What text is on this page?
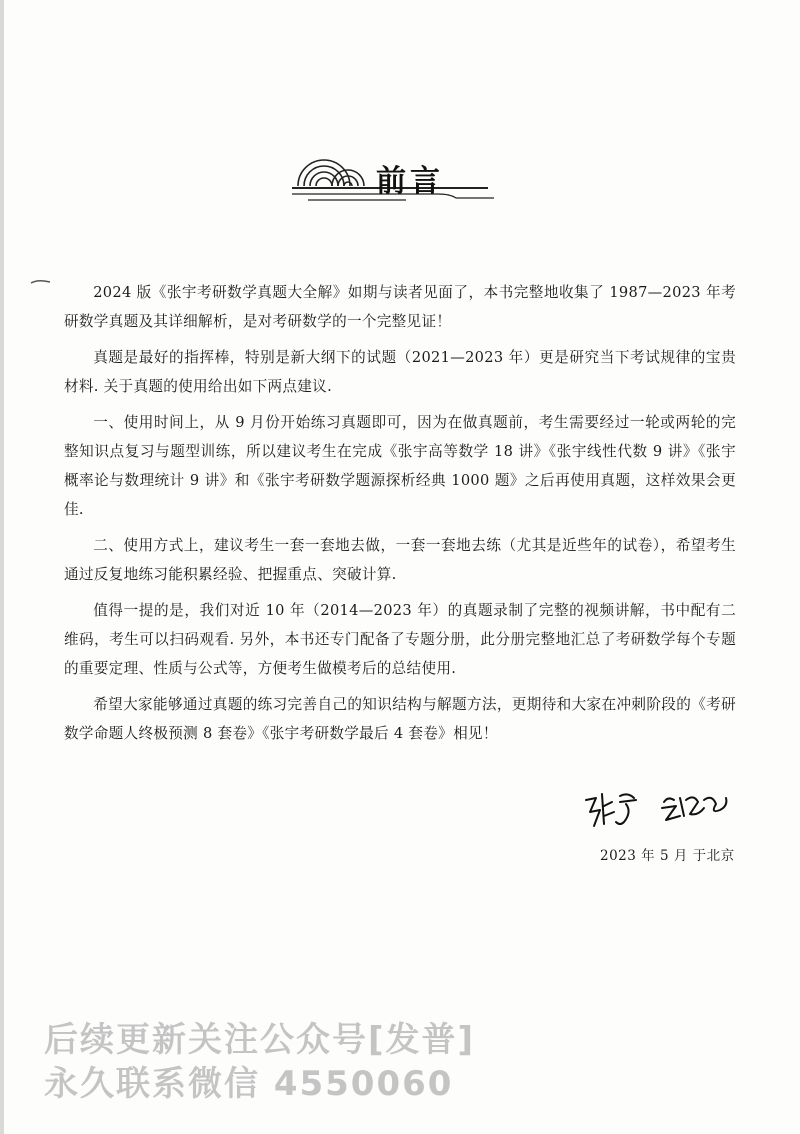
前言

2024 版《张宇考研数学真题大全解》如期与读者见面了，本书完整地收集了 1987—2023 年考研数学真题及其详细解析，是对考研数学的一个完整见证！

真题是最好的指挥棒，特别是新大纲下的试题（2021—2023 年）更是研究当下考试规律的宝贵材料. 关于真题的使用给出如下两点建议.

一、使用时间上，从 9 月份开始练习真题即可，因为在做真题前，考生需要经过一轮或两轮的完整知识点复习与题型训练，所以建议考生在完成《张宇高等数学 18 讲》《张宇线性代数 9 讲》《张宇概率论与数理统计 9 讲》和《张宇考研数学题源探析经典 1000 题》之后再使用真题，这样效果会更佳.

二、使用方式上，建议考生一套一套地去做，一套一套地去练（尤其是近些年的试卷），希望考生通过反复地练习能积累经验、把握重点、突破计算.

值得一提的是，我们对近 10 年（2014—2023 年）的真题录制了完整的视频讲解，书中配有二维码，考生可以扫码观看. 另外，本书还专门配备了专题分册，此分册完整地汇总了考研数学每个专题的重要定理、性质与公式等，方便考生做模考后的总结使用.

希望大家能够通过真题的练习完善自己的知识结构与解题方法，更期待和大家在冲刺阶段的《考研数学命题人终极预测 8 套卷》《张宇考研数学最后 4 套卷》相见！

2023 年 5 月 于北京
后续更新关注公众号[发普]
永久联系微信 4550060
